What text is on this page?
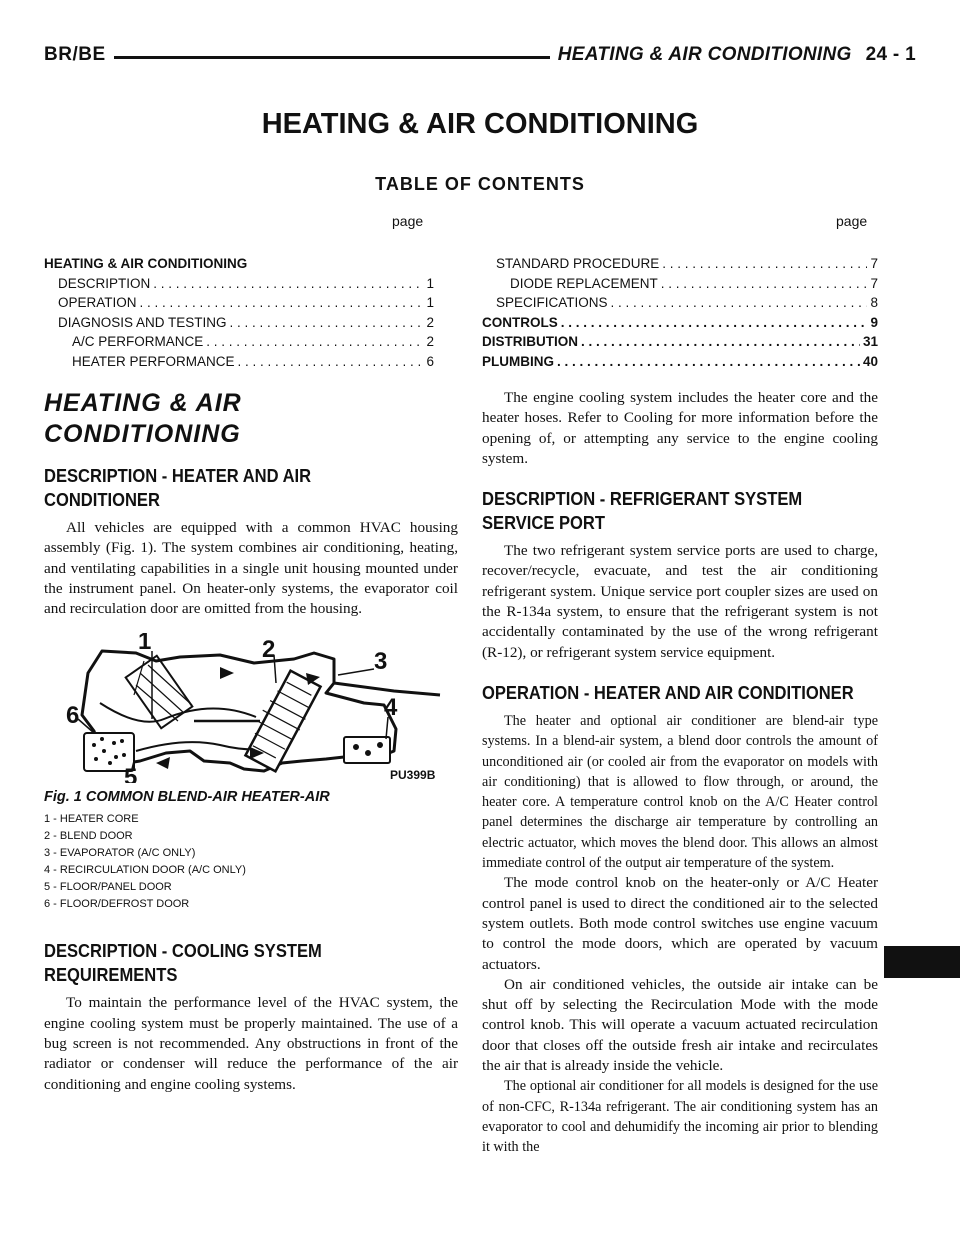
BR/BE	HEATING & AIR CONDITIONING 24 - 1
HEATING & AIR CONDITIONING
TABLE OF CONTENTS
page	page
HEATING & AIR CONDITIONING
DESCRIPTION . . .	1
OPERATION . . .	1
DIAGNOSIS AND TESTING . . .	2
A/C PERFORMANCE . . .	2
HEATER PERFORMANCE . . .	6
STANDARD PROCEDURE . . .	7
DIODE REPLACEMENT . . .	7
SPECIFICATIONS . . .	8
CONTROLS . . .	9
DISTRIBUTION . . .	31
PLUMBING . . .	40
HEATING & AIR
CONDITIONING
DESCRIPTION - HEATER AND AIR
CONDITIONER

All vehicles are equipped with a common HVAC housing assembly (Fig. 1). The system combines air conditioning, heating, and ventilating capabilities in a single unit housing mounted under the instrument panel. On heater-only systems, the evaporator coil and recirculation door are omitted from the housing.

1	2	3
4
5
6
PU399B
Fig. 1 COMMON BLEND-AIR HEATER-AIR
1 - HEATER CORE
2 - BLEND DOOR
3 - EVAPORATOR (A/C ONLY)
4 - RECIRCULATION DOOR (A/C ONLY)
5 - FLOOR/PANEL DOOR
6 - FLOOR/DEFROST DOOR
DESCRIPTION - COOLING SYSTEM
REQUIREMENTS

To maintain the performance level of the HVAC system, the engine cooling system must be properly maintained. The use of a bug screen is not recommended. Any obstructions in front of the radiator or condenser will reduce the performance of the air conditioning and engine cooling systems.

The engine cooling system includes the heater core and the heater hoses. Refer to Cooling for more information before the opening of, or attempting any service to the engine cooling system.

DESCRIPTION - REFRIGERANT SYSTEM
SERVICE PORT

The two refrigerant system service ports are used to charge, recover/recycle, evacuate, and test the air conditioning refrigerant system. Unique service port coupler sizes are used on the R-134a system, to ensure that the refrigerant system is not accidentally contaminated by the use of the wrong refrigerant (R-12), or refrigerant system service equipment.

OPERATION - HEATER AND AIR CONDITIONER

The heater and optional air conditioner are blend-air type systems. In a blend-air system, a blend door controls the amount of unconditioned air (or cooled air from the evaporator on models with air conditioning) that is allowed to flow through, or around, the heater core. A temperature control knob on the A/C Heater control panel determines the discharge air temperature by controlling an electric actuator, which moves the blend door. This allows an almost immediate control of the output air temperature of the system.

The mode control knob on the heater-only or A/C Heater control panel is used to direct the conditioned air to the selected system outlets. Both mode control switches use engine vacuum to control the mode doors, which are operated by vacuum actuators.

On air conditioned vehicles, the outside air intake can be shut off by selecting the Recirculation Mode with the mode control knob. This will operate a vacuum actuated recirculation door that closes off the outside fresh air intake and recirculates the air that is already inside the vehicle.

The optional air conditioner for all models is designed for the use of non-CFC, R-134a refrigerant. The air conditioning system has an evaporator to cool and dehumidify the incoming air prior to blending it with the
